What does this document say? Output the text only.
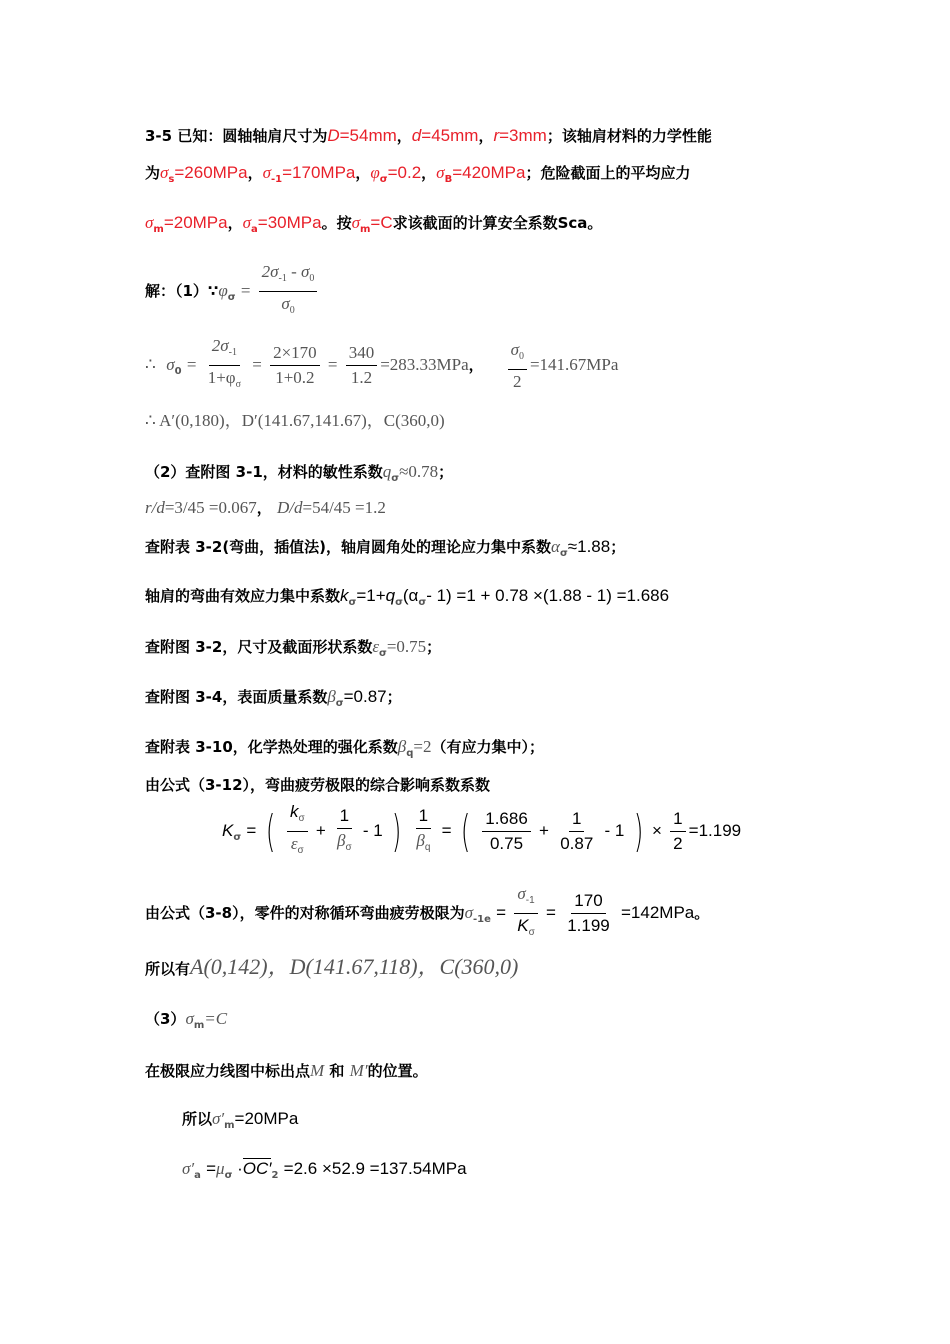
3-5 已知：圆轴轴肩尺寸为D=54mm，d=45mm，r=3mm；该轴肩材料的力学性能
为$\sigma_s=260MPa$，$\sigma_{-1}=170MPa$，$\varphi_\sigma=0.2$，$\sigma_B=420MPa$；危险截面上的平均应力
$\sigma_m=20MPa$，$\sigma_a=30MPa$。按$\sigma_m=C$求该截面的计算安全系数Sca。
解：$(1)\because\varphi_\sigma = \frac{2\sigma_{-1} - \sigma_0}{\sigma_0}$
∴ $\sigma_0 = \frac{2\sigma_{-1}}{1+\varphi_\sigma} = \frac{2\times 170}{1+0.2} = \frac{340}{1.2} =283.33MPa$， $\frac{\sigma_0}{2} =141.67MPa$
∴ A′(0,180)，D′(141.67,141.67)，C(360,0)
（2）查附图 3-1，材料的敏性系数$q_\sigma\approx 0.78$；
r/d=3/45 =0.067， D/d=54/45 =1.2
查附表 3-2(弯曲，插值法)，轴肩圆角处的理论应力集中系数$\alpha_\sigma\approx 1.88$；
轴肩的弯曲有效应力集中系数$k_\sigma=1+q_\sigma(\alpha_\sigma-$ 1) =1 + 0.78 ×(1.88 - 1) =1.686
查附图 3-2，尺寸及截面形状系数$\varepsilon_\sigma=0.75$；
查附图 3-4，表面质量系数$\beta_\sigma=0.87$；
查附表 3-10，化学热处理的强化系数$\beta_q=2$（有应力集中）；
由公式（3-12），弯曲疲劳极限的综合影响系数系数
$K_\sigma$ = ( $\frac{k_\sigma}{\varepsilon_\sigma} + \frac{1}{\beta_\sigma} - 1$ ) $\frac{1}{\beta_q}$ = ( $\frac{1.686}{0.75} + \frac{1}{0.87} - 1$ ) × $\frac{1}{2} =1.199$
由公式（3-8），零件的对称循环弯曲疲劳极限为$\sigma_{-1e} = \frac{\sigma_{-1}}{K_\sigma} = \frac{170}{1.199} =142MPa$。
所以有A(0,142)，D(141.67,118)，C(360,0)
$(3)\sigma_m=C$
在极限应力线图中标出点M 和 M′的位置。
所以$\sigma'_m=20MPa$
$\sigma'_a =\mu_\sigma \cdot OC'_2 =2.6 \times 52.9 =137.54MPa$
